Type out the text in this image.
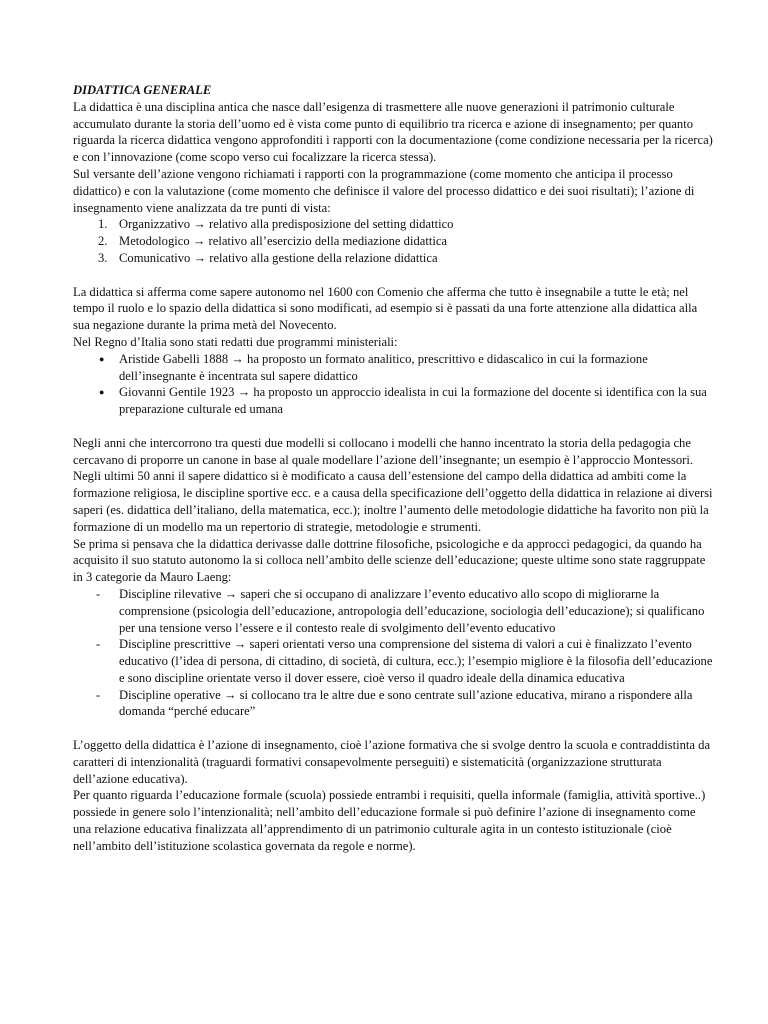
DIDATTICA GENERALE

La didattica è una disciplina antica che nasce dall’esigenza di trasmettere alle nuove generazioni il patrimonio culturale accumulato durante la storia dell’uomo ed è vista come punto di equilibrio tra ricerca e azione di insegnamento; per quanto riguarda la ricerca didattica vengono approfonditi i rapporti con la documentazione (come condizione necessaria per la ricerca) e con l’innovazione (come scopo verso cui focalizzare la ricerca stessa).

Sul versante dell’azione vengono richiamati i rapporti con la programmazione (come momento che anticipa il processo didattico) e con la valutazione (come momento che definisce il valore del processo didattico e dei suoi risultati); l’azione di insegnamento viene analizzata da tre punti di vista:

1. Organizzativo → relativo alla predisposizione del setting didattico
2. Metodologico → relativo all’esercizio della mediazione didattica
3. Comunicativo → relativo alla gestione della relazione didattica

La didattica si afferma come sapere autonomo nel 1600 con Comenio che afferma che tutto è insegnabile a tutte le età; nel tempo il ruolo e lo spazio della didattica si sono modificati, ad esempio si è passati da una forte attenzione alla didattica alla sua negazione durante la prima metà del Novecento.

Nel Regno d’Italia sono stati redatti due programmi ministeriali:

● Aristide Gabelli 1888 → ha proposto un formato analitico, prescrittivo e didascalico in cui la formazione dell’insegnante è incentrata sul sapere didattico
● Giovanni Gentile 1923 → ha proposto un approccio idealista in cui la formazione del docente si identifica con la sua preparazione culturale ed umana

Negli anni che intercorrono tra questi due modelli si collocano i modelli che hanno incentrato la storia della pedagogia che cercavano di proporre un canone in base al quale modellare l’azione dell’insegnante; un esempio è l’approccio Montessori.

Negli ultimi 50 anni il sapere didattico si è modificato a causa dell’estensione del campo della didattica ad ambiti come la formazione religiosa, le discipline sportive ecc. e a causa della specificazione dell’oggetto della didattica in relazione ai diversi saperi (es. didattica dell’italiano, della matematica, ecc.); inoltre l’aumento delle metodologie didattiche ha favorito non più la formazione di un modello ma un repertorio di strategie, metodologie e strumenti.

Se prima si pensava che la didattica derivasse dalle dottrine filosofiche, psicologiche e da approcci pedagogici, da quando ha acquisito il suo statuto autonomo la si colloca nell’ambito delle scienze dell’educazione; queste ultime sono state raggruppate in 3 categorie da Mauro Laeng:

- Discipline rilevative → saperi che si occupano di analizzare l’evento educativo allo scopo di migliorarne la comprensione (psicologia dell’educazione, antropologia dell’educazione, sociologia dell’educazione); si qualificano per una tensione verso l’essere e il contesto reale di svolgimento dell’evento educativo
- Discipline prescrittive → saperi orientati verso una comprensione del sistema di valori a cui è finalizzato l’evento educativo (l’idea di persona, di cittadino, di società, di cultura, ecc.); l’esempio migliore è la filosofia dell’educazione e sono discipline orientate verso il dover essere, cioè verso il quadro ideale della dinamica educativa
- Discipline operative → si collocano tra le altre due e sono centrate sull’azione educativa, mirano a rispondere alla domanda “perché educare”

L’oggetto della didattica è l’azione di insegnamento, cioè l’azione formativa che si svolge dentro la scuola e contraddistinta da caratteri di intenzionalità (traguardi formativi consapevolmente perseguiti) e sistematicità (organizzazione strutturata dell’azione educativa).

Per quanto riguarda l’educazione formale (scuola) possiede entrambi i requisiti, quella informale (famiglia, attività sportive..) possiede in genere solo l’intenzionalità; nell’ambito dell’educazione formale si può definire l’azione di insegnamento come una relazione educativa finalizzata all’apprendimento di un patrimonio culturale agita in un contesto istituzionale (cioè nell’ambito dell’istituzione scolastica governata da regole e norme).
